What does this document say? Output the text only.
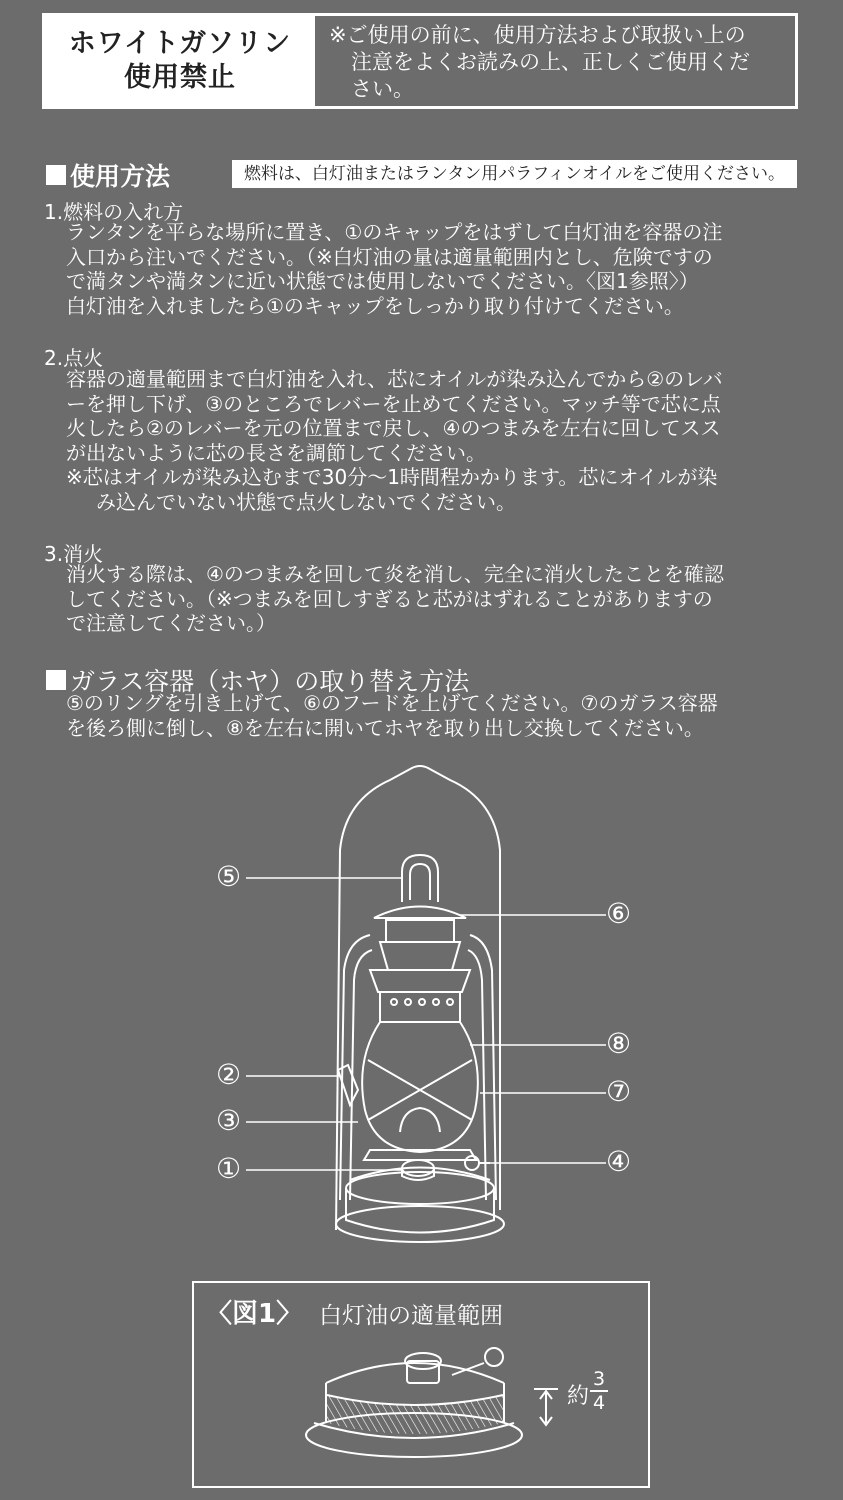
ホワイトガソリン
使用禁止
※ご使用の前に、使用方法および取扱い上の
注意をよくお読みの上、正しくご使用くだ
さい。
使用方法	燃料は、白灯油またはランタン用パラフィンオイルをご使用ください。
1.燃料の入れ方
ランタンを平らな場所に置き、①のキャップをはずして白灯油を容器の注
入口から注いでください。（※白灯油の量は適量範囲内とし、危険ですの
で満タンや満タンに近い状態では使用しないでください。〈図1参照〉）
白灯油を入れましたら①のキャップをしっかり取り付けてください。
2.点火
容器の適量範囲まで白灯油を入れ、芯にオイルが染み込んでから②のレバ
ーを押し下げ、③のところでレバーを止めてください。マッチ等で芯に点
火したら②のレバーを元の位置まで戻し、④のつまみを左右に回してスス
が出ないように芯の長さを調節してください。
※芯はオイルが染み込むまで30分～1時間程かかります。芯にオイルが染
み込んでいない状態で点火しないでください。
3.消火
消火する際は、④のつまみを回して炎を消し、完全に消火したことを確認
してください。（※つまみを回しすぎると芯がはずれることがありますの
で注意してください。）
ガラス容器（ホヤ）の取り替え方法
⑤のリングを引き上げて、⑥のフードを上げてください。⑦のガラス容器
を後ろ側に倒し、⑧を左右に開いてホヤを取り出し交換してください。
⑤
⑥
⑧
②
⑦
③
④
①
〈図1〉 白灯油の適量範囲
約
3
4
